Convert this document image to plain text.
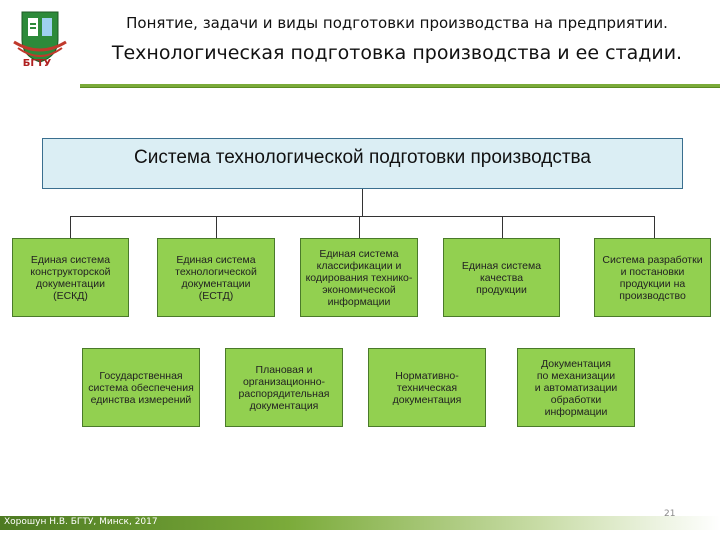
БГТУ
Понятие, задачи и виды подготовки производства на предприятии.
Технологическая подготовка производства и ее стадии.
Система технологической подготовки производства
Единая система
конструкторской
документации
(ЕСКД)
Единая система
технологической
документации
(ЕСТД)
Единая система
классификации и
кодирования технико-
экономической
информации
Единая система
качества
продукции
Система разработки
и постановки
продукции на
производство
Государственная
система обеспечения
единства измерений
Плановая и
организационно-
распорядительная
документация
Нормативно-
техническая
документация
Документация
по механизации
и автоматизации
обработки
информации
Хорошун Н.В. БГТУ, Минск, 2017
21
